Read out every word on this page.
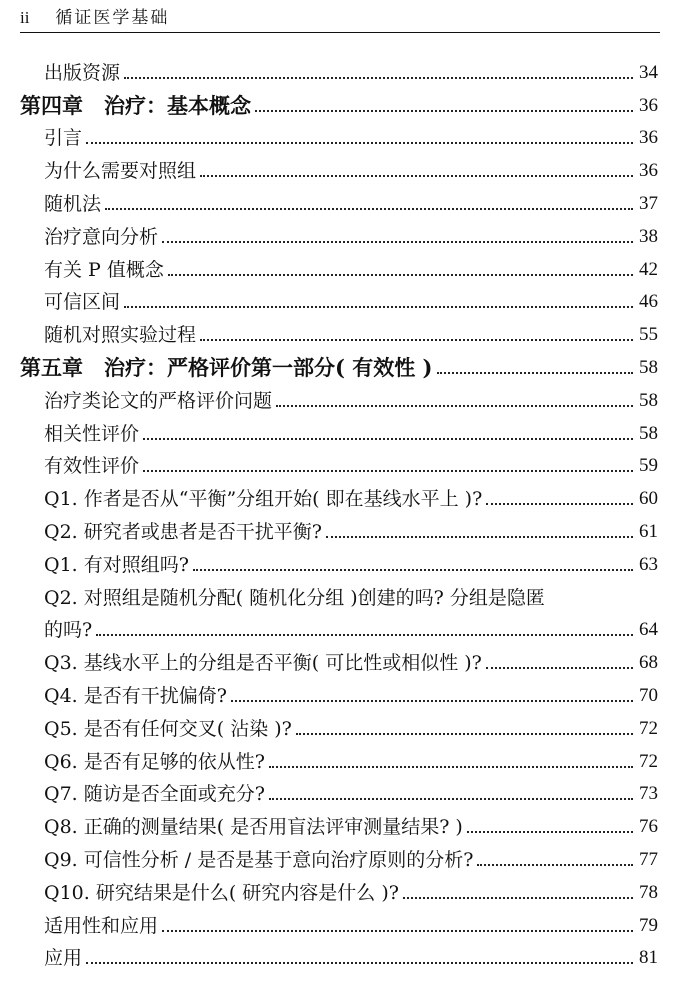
ii 循证医学基础
出版资源	34
第四章　治疗：基本概念	36
引言	36
为什么需要对照组	36
随机法	37
治疗意向分析	38
有关 P 值概念	42
可信区间	46
随机对照实验过程	55
第五章　治疗：严格评价第一部分( 有效性 )	58
治疗类论文的严格评价问题	58
相关性评价	58
有效性评价	59
Q1. 作者是否从“平衡”分组开始( 即在基线水平上 )?	60
Q2. 研究者或患者是否干扰平衡?	61
Q1. 有对照组吗?	63
Q2. 对照组是随机分配( 随机化分组 )创建的吗? 分组是隐匿
的吗?	64
Q3. 基线水平上的分组是否平衡( 可比性或相似性 )?	68
Q4. 是否有干扰偏倚?	70
Q5. 是否有任何交叉( 沾染 )?	72
Q6. 是否有足够的依从性?	72
Q7. 随访是否全面或充分?	73
Q8. 正确的测量结果( 是否用盲法评审测量结果? )	76
Q9. 可信性分析 / 是否是基于意向治疗原则的分析?	77
Q10. 研究结果是什么( 研究内容是什么 )?	78
适用性和应用	79
应用	81
